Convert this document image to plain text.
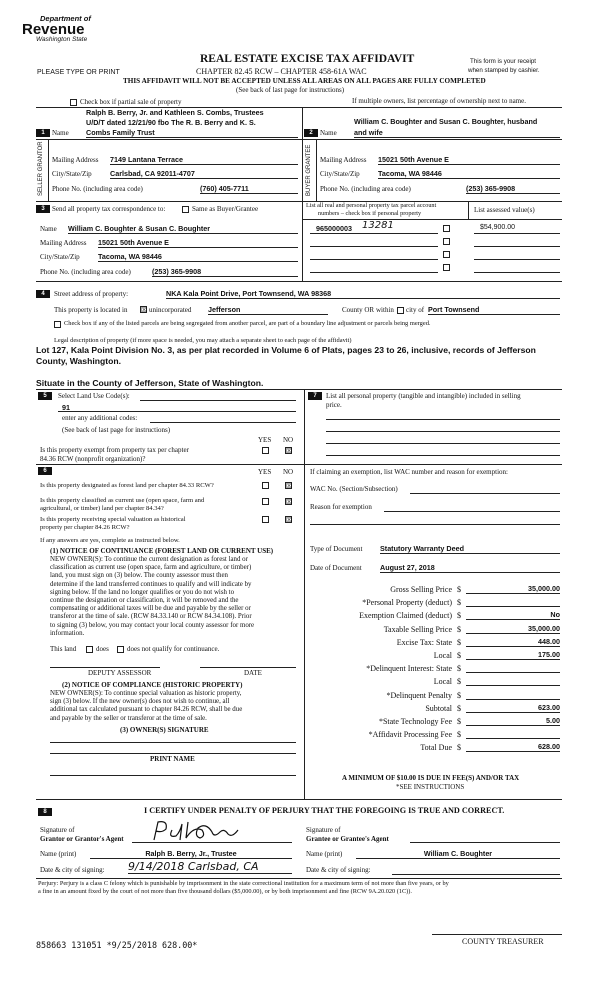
Department of
Revenue
Washington State
REAL ESTATE EXCISE TAX AFFIDAVIT
CHAPTER 82.45 RCW – CHAPTER 458-61A WAC
This form is your receipt
when stamped by cashier.
PLEASE TYPE OR PRINT
THIS AFFIDAVIT WILL NOT BE ACCEPTED UNLESS ALL AREAS ON ALL PAGES ARE FULLY COMPLETED
(See back of last page for instructions)
Check box if partial sale of property	If multiple owners, list percentage of ownership next to name.
Ralph B. Berry, Jr. and Kathleen S. Combs, Trustees
U/D/T dated 12/21/90 fbo The R. B. Berry and K. S.
1	Name Combs Family Trust
William C. Boughter and Susan C. Boughter, husband
2	Name and wife
SELLER GRANTOR	BUYER GRANTEE
Mailing Address 7149 Lantana Terrace
City/State/Zip	Carlsbad, CA 92011-4707
Phone No. (including area code)	(760) 405-7711
Mailing Address 15021 50th Avenue E
City/State/Zip	Tacoma, WA 98446
Phone No. (including area code)	(253) 365-9908
3	Send all property tax correspondence to:	Same as Buyer/Grantee
Name William C. Boughter & Susan C. Boughter
Mailing Address 15021 50th Avenue E
City/State/Zip	Tacoma, WA 98446
Phone No. (including area code)	(253) 365-9908
List all real and personal property tax parcel account
numbers – check box if personal property	List assessed value(s)
965000003 13281	$54,900.00
4	Street address of property:	NKA Kala Point Drive, Port Townsend, WA 98368
This property is located in ☒ unincorporated Jefferson	County OR within city of Port Townsend
Check box if any of the listed parcels are being segregated from another parcel, are part of a boundary line adjustment or parcels being merged.
Legal description of property (if more space is needed, you may attach a separate sheet to each page of the affidavit)
Lot 127, Kala Point Division No. 3, as per plat recorded in Volume 6 of Plats, pages 23 to 26, inclusive, records of Jefferson
County, Washington.
Situate in the County of Jefferson, State of Washington.
5	Select Land Use Code(s):
91
enter any additional codes:
(See back of last page for instructions)
YES NO
Is this property exempt from property tax per chapter
84.36 RCW (nonprofit organization)?
☒
7	List all personal property (tangible and intangible) included in selling
price.
6	YES NO
Is this property designated as forest land per chapter 84.33 RCW?	☒
Is this property classified as current use (open space, farm and
agricultural, or timber) land per chapter 84.34?
☒
Is this property receiving special valuation as historical
property per chapter 84.26 RCW?
☒
If any answers are yes, complete as instructed below.
(1) NOTICE OF CONTINUANCE (FOREST LAND OR CURRENT USE)
NEW OWNER(S): To continue the current designation as forest land or
classification as current use (open space, farm and agriculture, or timber)
land, you must sign on (3) below. The county assessor must then
determine if the land transferred continues to qualify and will indicate by
signing below. If the land no longer qualifies or you do not wish to
continue the designation or classification, it will be removed and the
compensating or additional taxes will be due and payable by the seller or
transferor at the time of sale. (RCW 84.33.140 or RCW 84.34.108). Prior
to signing (3) below, you may contact your local county assessor for more
information.
This land	does	does not qualify for continuance.
DEPUTY ASSESSOR	DATE
(2) NOTICE OF COMPLIANCE (HISTORIC PROPERTY)
NEW OWNER(S): To continue special valuation as historic property,
sign (3) below. If the new owner(s) does not wish to continue, all
additional tax calculated pursuant to chapter 84.26 RCW, shall be due
and payable by the seller or transferor at the time of sale.
(3) OWNER(S) SIGNATURE
PRINT NAME
If claiming an exemption, list WAC number and reason for exemption:
WAC No. (Section/Subsection)
Reason for exemption
Type of Document Statutory Warranty Deed
Date of Document	August 27, 2018
Gross Selling Price $	35,000.00
*Personal Property (deduct) $
Exemption Claimed (deduct) $	No
Taxable Selling Price $	35,000.00
Excise Tax: State $	448.00
Local $	175.00
*Delinquent Interest: State $
Local $
*Delinquent Penalty $
Subtotal $	623.00
*State Technology Fee $	5.00
*Affidavit Processing Fee $
Total Due $	628.00
A MINIMUM OF $10.00 IS DUE IN FEE(S) AND/OR TAX
*SEE INSTRUCTIONS
8	I CERTIFY UNDER PENALTY OF PERJURY THAT THE FOREGOING IS TRUE AND CORRECT.
Signature of
Grantor or Grantor's Agent
Name (print)	Ralph B. Berry, Jr., Trustee
Date & city of signing: 9/14/2018 Carlsbad, CA
Signature of
Grantee or Grantee's Agent
Name (print)	William C. Boughter
Date & city of signing:
Perjury: Perjury is a class C felony which is punishable by imprisonment in the state correctional institution for a maximum term of not more than five years, or by
a fine in an amount fixed by the court of not more than five thousand dollars ($5,000.00), or by both imprisonment and fine (RCW 9A.20.020 (1C)).
858663 131051 *9/25/2018 628.00*	COUNTY TREASURER
